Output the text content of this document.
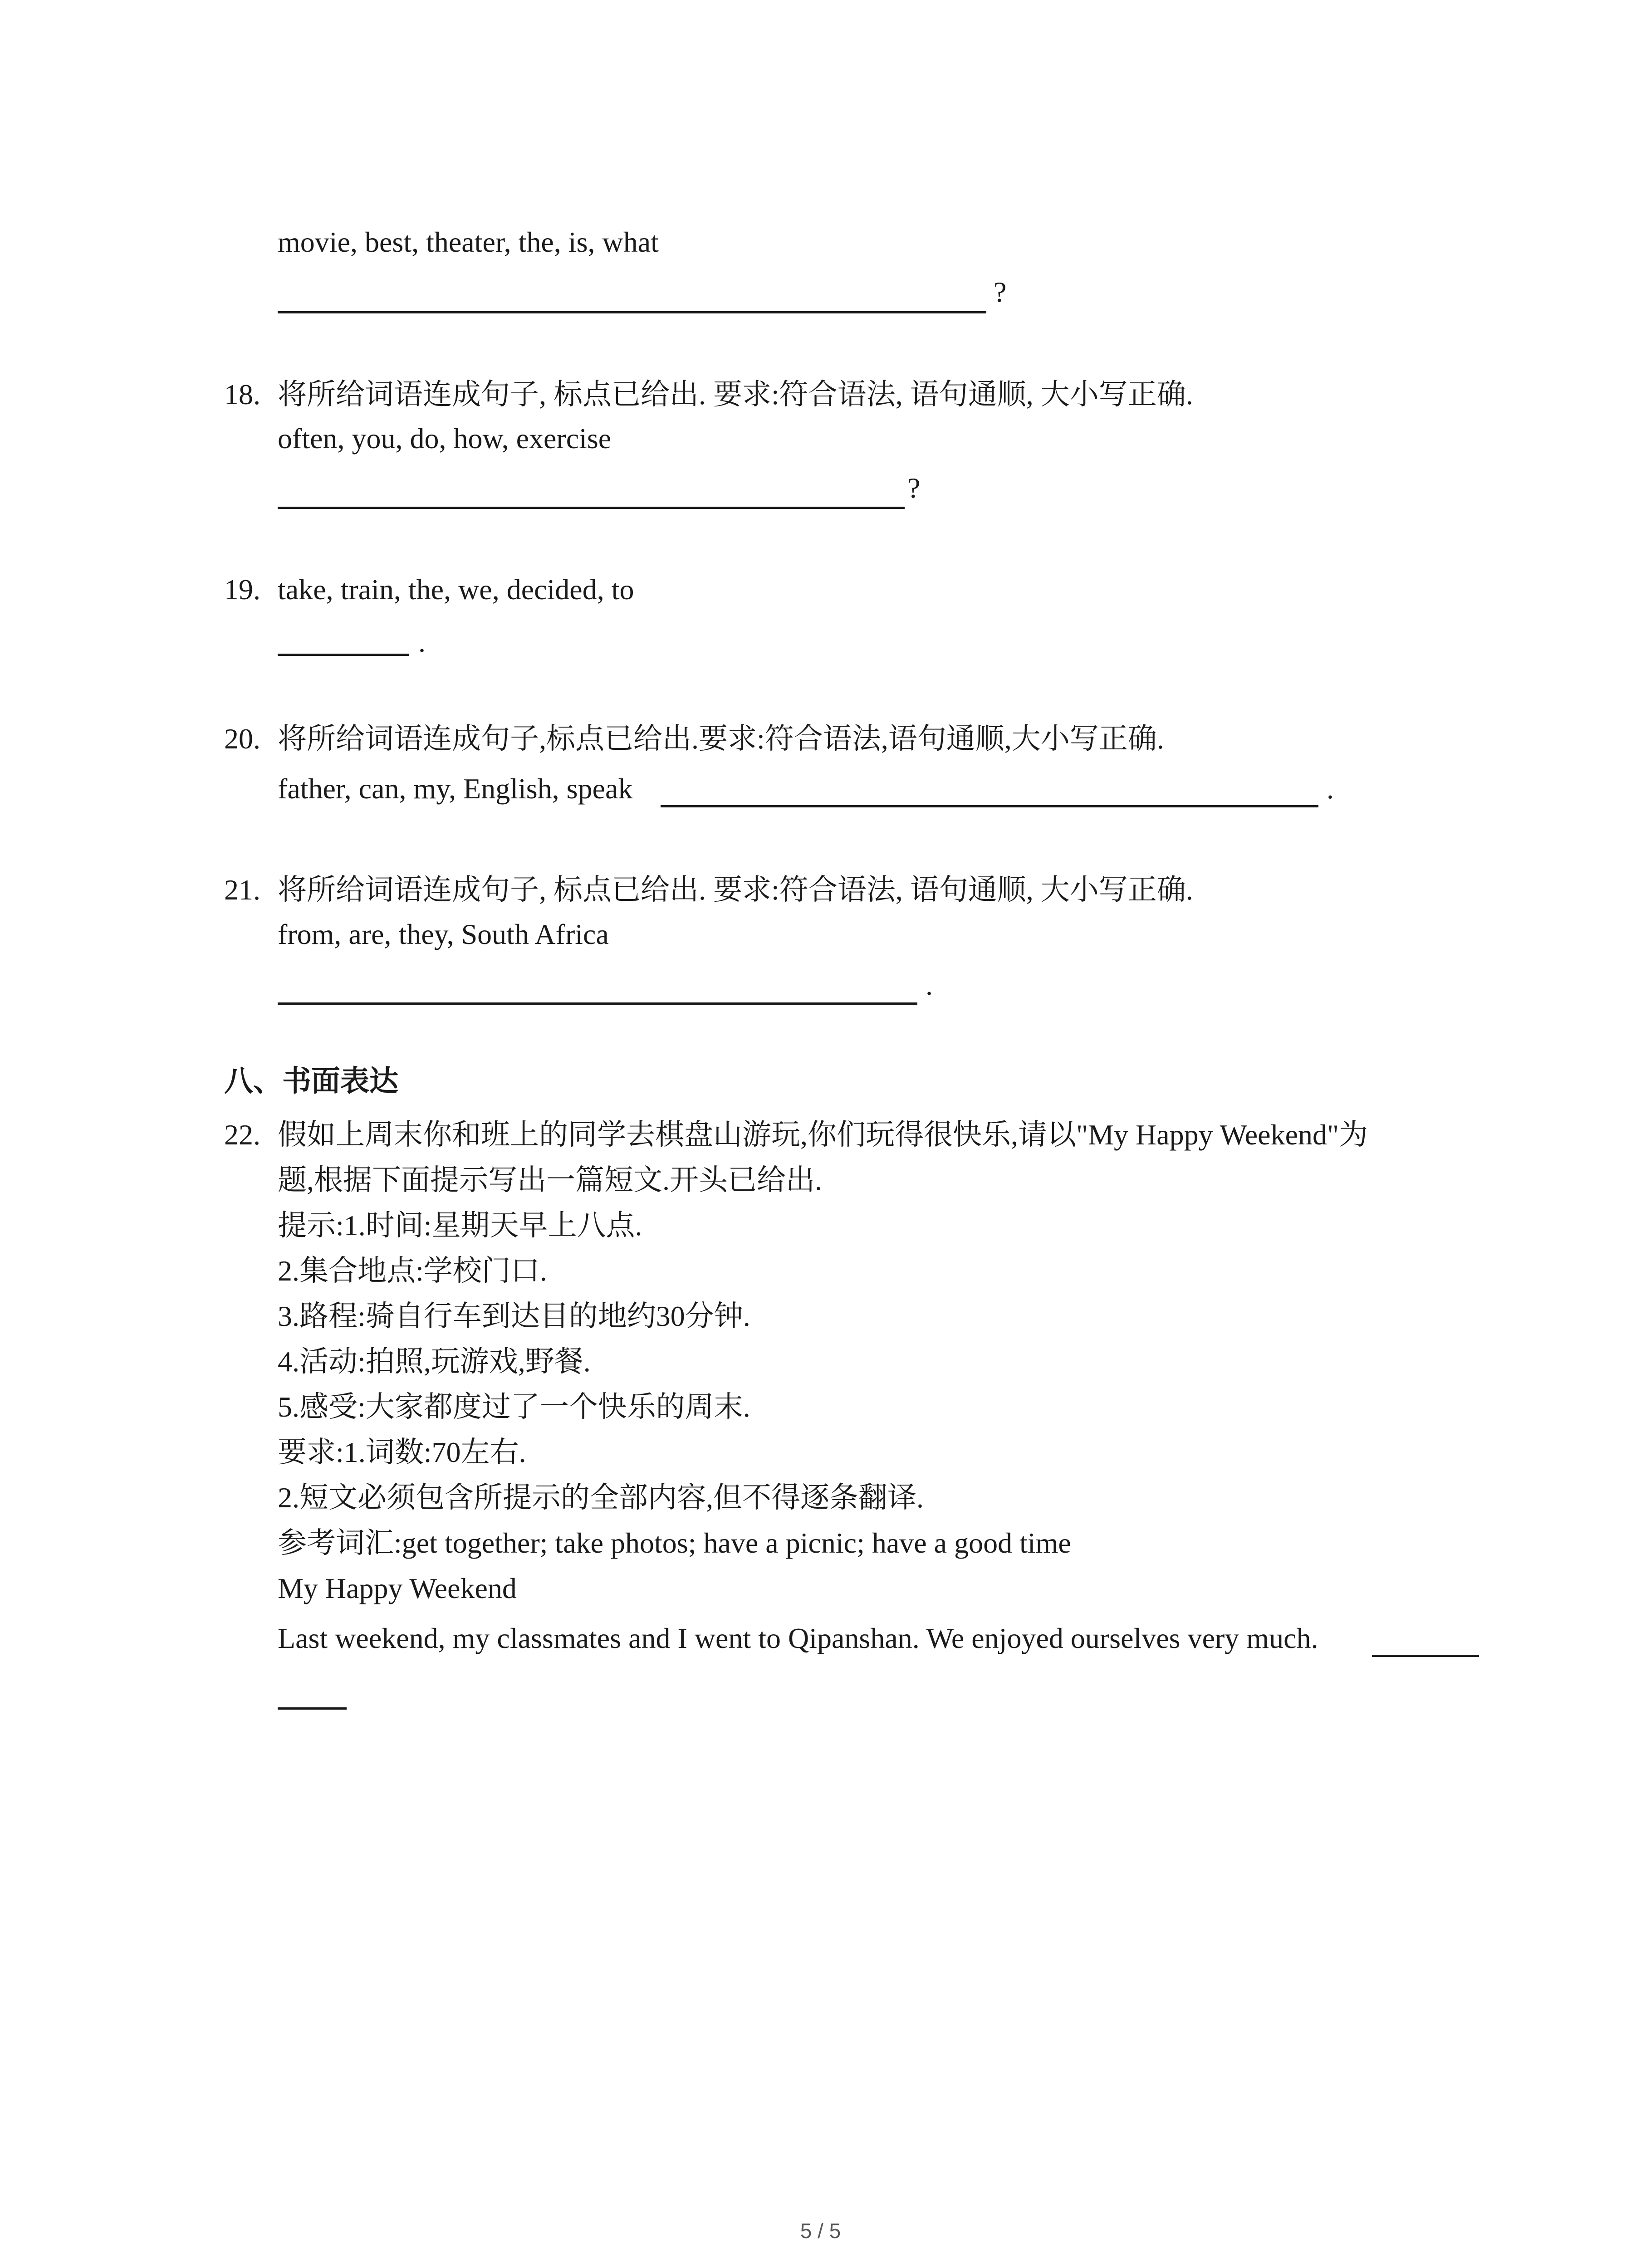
movie, best, theater, the, is, what
?
18. 将所给词语连成句子, 标点已给出. 要求:符合语法, 语句通顺, 大小写正确.
often, you, do, how, exercise
?
19. take, train, the, we, decided, to
.
20. 将所给词语连成句子,标点已给出.要求:符合语法,语句通顺,大小写正确.
father, can, my, English, speak	.
21. 将所给词语连成句子, 标点已给出. 要求:符合语法, 语句通顺, 大小写正确.
from, are, they, South Africa
.
八、书面表达
22. 假如上周末你和班上的同学去棋盘山游玩,你们玩得很快乐,请以"My Happy Weekend"为
题,根据下面提示写出一篇短文.开头已给出.
提示:1.时间:星期天早上八点.
2.集合地点:学校门口.
3.路程:骑自行车到达目的地约30分钟.
4.活动:拍照,玩游戏,野餐.
5.感受:大家都度过了一个快乐的周末.
要求:1.词数:70左右.
2.短文必须包含所提示的全部内容,但不得逐条翻译.
参考词汇:get together; take photos; have a picnic; have a good time
My Happy Weekend
Last weekend, my classmates and I went to Qipanshan. We enjoyed ourselves very much.
5 / 5
